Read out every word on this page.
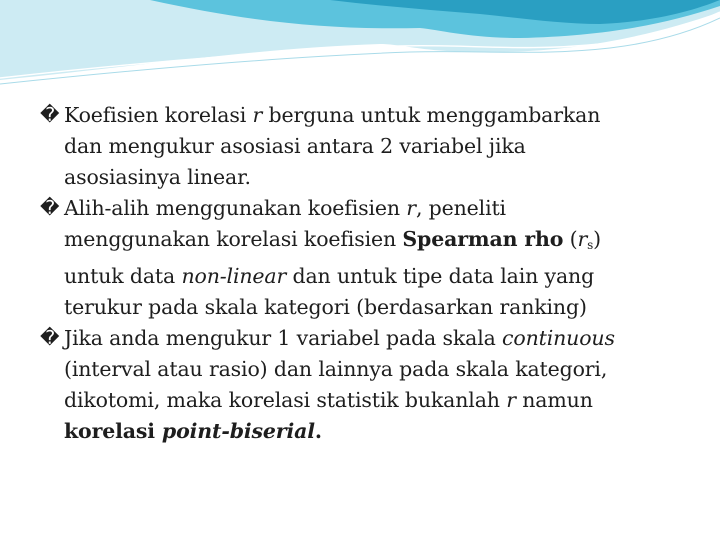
� Koefisien korelasi r berguna untuk menggambarkan
dan mengukur asosiasi antara 2 variabel jika
asosiasinya linear.
� Alih-alih menggunakan koefisien r, peneliti
menggunakan korelasi koefisien Spearman rho $(r_s)$
untuk data non-linear dan untuk tipe data lain yang
terukur pada skala kategori (berdasarkan ranking)
� Jika anda mengukur 1 variabel pada skala continuous
(interval atau rasio) dan lainnya pada skala kategori,
dikotomi, maka korelasi statistik bukanlah r namun
korelasi point-biserial.
